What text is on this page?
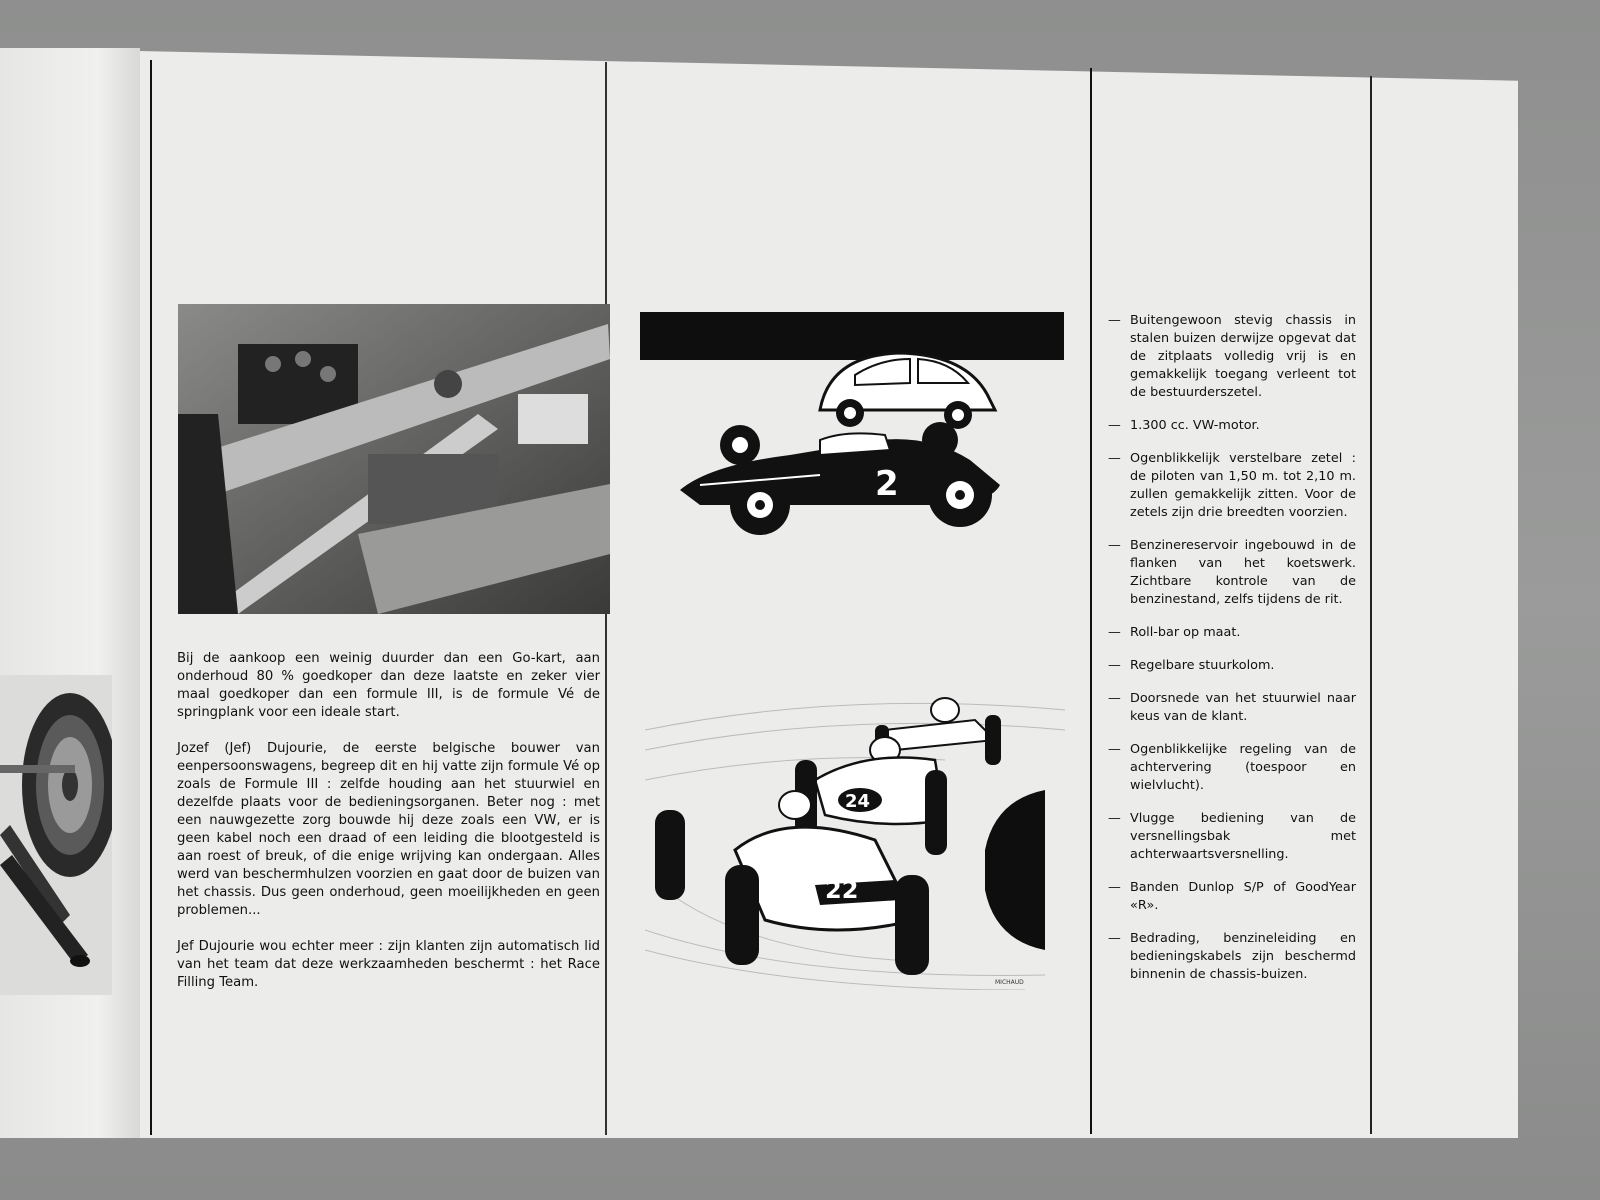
Bij de aankoop een weinig duurder dan een Go-kart, aan onderhoud 80 % goedkoper dan deze laatste en zeker vier maal goedkoper dan een formule III, is de formule Vé de springplank voor een ideale start.

Jozef (Jef) Dujourie, de eerste belgische bouwer van eenpersoonswagens, begreep dit en hij vatte zijn formule Vé op zoals de Formule III : zelfde houding aan het stuurwiel en dezelfde plaats voor de bedieningsorganen. Beter nog : met een nauwgezette zorg bouwde hij deze zoals een VW, er is geen kabel noch een draad of een leiding die blootgesteld is aan roest of breuk, of die enige wrijving kan ondergaan. Alles werd van beschermhulzen voorzien en gaat door de buizen van het chassis. Dus geen onderhoud, geen moeilijkheden en geen problemen...

Jef Dujourie wou echter meer : zijn klanten zijn automatisch lid van het team dat deze werkzaamheden beschermt : het Race Filling Team.

2
24
22
MICHAUD
— Buitengewoon stevig chassis in stalen buizen derwijze opgevat dat de zitplaats volledig vrij is en gemakkelijk toegang verleent tot de bestuurderszetel.
— 1.300 cc. VW-motor.
— Ogenblikkelijk verstelbare zetel : de piloten van 1,50 m. tot 2,10 m. zullen gemakkelijk zitten. Voor de zetels zijn drie breedten voorzien.
— Benzinereservoir ingebouwd in de flanken van het koetswerk. Zichtbare kontrole van de benzinestand, zelfs tijdens de rit.
— Roll-bar op maat.
— Regelbare stuurkolom.
— Doorsnede van het stuurwiel naar keus van de klant.
— Ogenblikkelijke regeling van de achtervering (toespoor en wielvlucht).
— Vlugge bediening van de versnellingsbak met achterwaartsversnelling.
— Banden Dunlop S/P of GoodYear «R».
— Bedrading, benzineleiding en bedieningskabels zijn beschermd binnenin de chassis-buizen.
